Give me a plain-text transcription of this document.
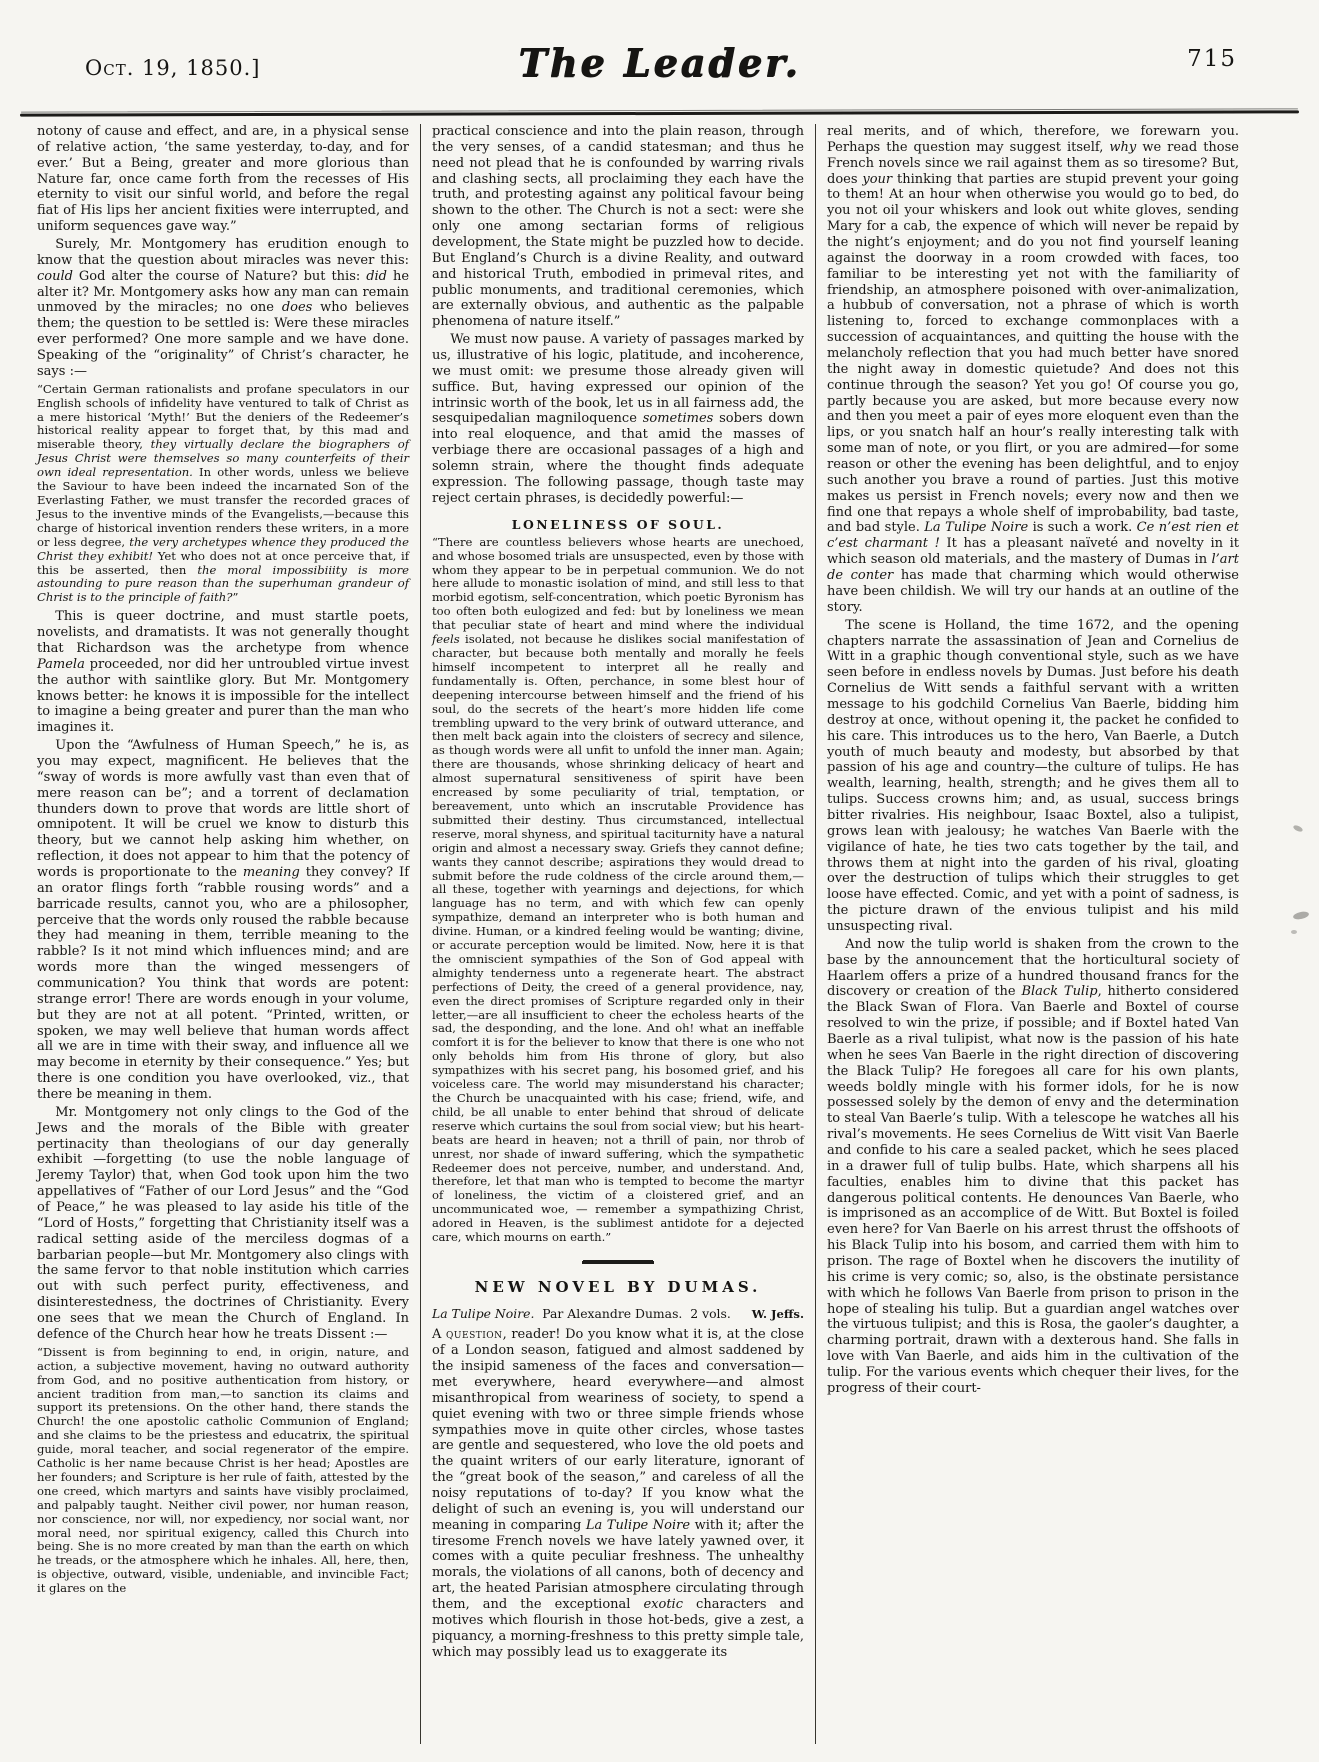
Oct. 19, 1850.]	The Leader.	715

notony of cause and effect, and are, in a physical sense of relative action, ‘the same yesterday, to-day, and for ever.’ But a Being, greater and more glorious than Nature far, once came forth from the recesses of His eternity to visit our sinful world, and before the regal fiat of His lips her ancient fixities were interrupted, and uniform sequences gave way.”

Surely, Mr. Montgomery has erudition enough to know that the question about miracles was never this: could God alter the course of Nature? but this: did he alter it? Mr. Montgomery asks how any man can remain unmoved by the miracles; no one does who believes them; the question to be settled is: Were these miracles ever performed? One more sample and we have done. Speaking of the “originality” of Christ’s character, he says :—

“Certain German rationalists and profane speculators in our English schools of infidelity have ventured to talk of Christ as a mere historical ‘Myth!’ But the deniers of the Redeemer’s historical reality appear to forget that, by this mad and miserable theory, they virtually declare the biographers of Jesus Christ were themselves so many counterfeits of their own ideal representation. In other words, unless we believe the Saviour to have been indeed the incarnated Son of the Everlasting Father, we must transfer the recorded graces of Jesus to the inventive minds of the Evangelists,—because this charge of historical invention renders these writers, in a more or less degree, the very archetypes whence they produced the Christ they exhibit! Yet who does not at once perceive that, if this be asserted, then the moral impossibiiity is more astounding to pure reason than the superhuman grandeur of Christ is to the principle of faith?”

This is queer doctrine, and must startle poets, novelists, and dramatists. It was not generally thought that Richardson was the archetype from whence Pamela proceeded, nor did her untroubled virtue invest the author with saintlike glory. But Mr. Montgomery knows better: he knows it is impossible for the intellect to imagine a being greater and purer than the man who imagines it.

Upon the “Awfulness of Human Speech,” he is, as you may expect, magnificent. He believes that the “sway of words is more awfully vast than even that of mere reason can be”; and a torrent of declamation thunders down to prove that words are little short of omnipotent. It will be cruel we know to disturb this theory, but we cannot help asking him whether, on reflection, it does not appear to him that the potency of words is proportionate to the meaning they convey? If an orator flings forth “rabble rousing words” and a barricade results, cannot you, who are a philosopher, perceive that the words only roused the rabble because they had meaning in them, terrible meaning to the rabble? Is it not mind which influences mind; and are words more than the winged messengers of communication? You think that words are potent: strange error! There are words enough in your volume, but they are not at all potent. “Printed, written, or spoken, we may well believe that human words affect all we are in time with their sway, and influence all we may become in eternity by their consequence.” Yes; but there is one condition you have overlooked, viz., that there be meaning in them.

Mr. Montgomery not only clings to the God of the Jews and the morals of the Bible with greater pertinacity than theologians of our day generally exhibit —forgetting (to use the noble language of Jeremy Taylor) that, when God took upon him the two appellatives of “Father of our Lord Jesus” and the “God of Peace,” he was pleased to lay aside his title of the “Lord of Hosts,” forgetting that Christianity itself was a radical setting aside of the merciless dogmas of a barbarian people—but Mr. Montgomery also clings with the same fervor to that noble institution which carries out with such perfect purity, effectiveness, and disinterestedness, the doctrines of Christianity. Every one sees that we mean the Church of England. In defence of the Church hear how he treats Dissent :—

“Dissent is from beginning to end, in origin, nature, and action, a subjective movement, having no outward authority from God, and no positive authentication from history, or ancient tradition from man,—to sanction its claims and support its pretensions. On the other hand, there stands the Church! the one apostolic catholic Communion of England; and she claims to be the priestess and educatrix, the spiritual guide, moral teacher, and social regenerator of the empire. Catholic is her name because Christ is her head; Apostles are her founders; and Scripture is her rule of faith, attested by the one creed, which martyrs and saints have visibly proclaimed, and palpably taught. Neither civil power, nor human reason, nor conscience, nor will, nor expediency, nor social want, nor moral need, nor spiritual exigency, called this Church into being. She is no more created by man than the earth on which he treads, or the atmosphere which he inhales. All, here, then, is objective, outward, visible, undeniable, and invincible Fact; it glares on the

practical conscience and into the plain reason, through the very senses, of a candid statesman; and thus he need not plead that he is confounded by warring rivals and clashing sects, all proclaiming they each have the truth, and protesting against any political favour being shown to the other. The Church is not a sect: were she only one among sectarian forms of religious development, the State might be puzzled how to decide. But England’s Church is a divine Reality, and outward and historical Truth, embodied in primeval rites, and public monuments, and traditional ceremonies, which are externally obvious, and authentic as the palpable phenomena of nature itself.”

We must now pause. A variety of passages marked by us, illustrative of his logic, platitude, and incoherence, we must omit: we presume those already given will suffice. But, having expressed our opinion of the intrinsic worth of the book, let us in all fairness add, the sesquipedalian magniloquence sometimes sobers down into real eloquence, and that amid the masses of verbiage there are occasional passages of a high and solemn strain, where the thought finds adequate expression. The following passage, though taste may reject certain phrases, is decidedly powerful:—

LONELINESS OF SOUL.

“There are countless believers whose hearts are unechoed, and whose bosomed trials are unsuspected, even by those with whom they appear to be in perpetual communion. We do not here allude to monastic isolation of mind, and still less to that morbid egotism, self-concentration, which poetic Byronism has too often both eulogized and fed: but by loneliness we mean that peculiar state of heart and mind where the individual feels isolated, not because he dislikes social manifestation of character, but because both mentally and morally he feels himself incompetent to interpret all he really and fundamentally is. Often, perchance, in some blest hour of deepening intercourse between himself and the friend of his soul, do the secrets of the heart’s more hidden life come trembling upward to the very brink of outward utterance, and then melt back again into the cloisters of secrecy and silence, as though words were all unfit to unfold the inner man. Again; there are thousands, whose shrinking delicacy of heart and almost supernatural sensitiveness of spirit have been encreased by some peculiarity of trial, temptation, or bereavement, unto which an inscrutable Providence has submitted their destiny. Thus circumstanced, intellectual reserve, moral shyness, and spiritual taciturnity have a natural origin and almost a necessary sway. Griefs they cannot define; wants they cannot describe; aspirations they would dread to submit before the rude coldness of the circle around them,—all these, together with yearnings and dejections, for which language has no term, and with which few can openly sympathize, demand an interpreter who is both human and divine. Human, or a kindred feeling would be wanting; divine, or accurate perception would be limited. Now, here it is that the omniscient sympathies of the Son of God appeal with almighty tenderness unto a regenerate heart. The abstract perfections of Deity, the creed of a general providence, nay, even the direct promises of Scripture regarded only in their letter,—are all insufficient to cheer the echoless hearts of the sad, the desponding, and the lone. And oh! what an ineffable comfort it is for the believer to know that there is one who not only beholds him from His throne of glory, but also sympathizes with his secret pang, his bosomed grief, and his voiceless care. The world may misunderstand his character; the Church be unacquainted with his case; friend, wife, and child, be all unable to enter behind that shroud of delicate reserve which curtains the soul from social view; but his heart-beats are heard in heaven; not a thrill of pain, nor throb of unrest, nor shade of inward suffering, which the sympathetic Redeemer does not perceive, number, and understand. And, therefore, let that man who is tempted to become the martyr of loneliness, the victim of a cloistered grief, and an uncommunicated woe, — remember a sympathizing Christ, adored in Heaven, is the sublimest antidote for a dejected care, which mourns on earth.”

NEW NOVEL BY DUMAS.
La Tulipe Noire.  Par Alexandre Dumas.  2 vols. W. Jeffs.

A question, reader! Do you know what it is, at the close of a London season, fatigued and almost saddened by the insipid sameness of the faces and conversation—met everywhere, heard everywhere—and almost misanthropical from weariness of society, to spend a quiet evening with two or three simple friends whose sympathies move in quite other circles, whose tastes are gentle and sequestered, who love the old poets and the quaint writers of our early literature, ignorant of the “great book of the season,” and careless of all the noisy reputations of to-day? If you know what the delight of such an evening is, you will understand our meaning in comparing La Tulipe Noire with it; after the tiresome French novels we have lately yawned over, it comes with a quite peculiar freshness. The unhealthy morals, the violations of all canons, both of decency and art, the heated Parisian atmosphere circulating through them, and the exceptional exotic characters and motives which flourish in those hot-beds, give a zest, a piquancy, a morning-freshness to this pretty simple tale, which may possibly lead us to exaggerate its

real merits, and of which, therefore, we forewarn you. Perhaps the question may suggest itself, why we read those French novels since we rail against them as so tiresome? But, does your thinking that parties are stupid prevent your going to them! At an hour when otherwise you would go to bed, do you not oil your whiskers and look out white gloves, sending Mary for a cab, the expence of which will never be repaid by the night’s enjoyment; and do you not find yourself leaning against the doorway in a room crowded with faces, too familiar to be interesting yet not with the familiarity of friendship, an atmosphere poisoned with over-animalization, a hubbub of conversation, not a phrase of which is worth listening to, forced to exchange commonplaces with a succession of acquaintances, and quitting the house with the melancholy reflection that you had much better have snored the night away in domestic quietude? And does not this continue through the season? Yet you go! Of course you go, partly because you are asked, but more because every now and then you meet a pair of eyes more eloquent even than the lips, or you snatch half an hour’s really interesting talk with some man of note, or you flirt, or you are admired—for some reason or other the evening has been delightful, and to enjoy such another you brave a round of parties. Just this motive makes us persist in French novels; every now and then we find one that repays a whole shelf of improbability, bad taste, and bad style. La Tulipe Noire is such a work. Ce n’est rien et c’est charmant ! It has a pleasant naïveté and novelty in it which season old materials, and the mastery of Dumas in l’art de conter has made that charming which would otherwise have been childish. We will try our hands at an outline of the story.

The scene is Holland, the time 1672, and the opening chapters narrate the assassination of Jean and Cornelius de Witt in a graphic though conventional style, such as we have seen before in endless novels by Dumas. Just before his death Cornelius de Witt sends a faithful servant with a written message to his godchild Cornelius Van Baerle, bidding him destroy at once, without opening it, the packet he confided to his care. This introduces us to the hero, Van Baerle, a Dutch youth of much beauty and modesty, but absorbed by that passion of his age and country—the culture of tulips. He has wealth, learning, health, strength; and he gives them all to tulips. Success crowns him; and, as usual, success brings bitter rivalries. His neighbour, Isaac Boxtel, also a tulipist, grows lean with jealousy; he watches Van Baerle with the vigilance of hate, he ties two cats together by the tail, and throws them at night into the garden of his rival, gloating over the destruction of tulips which their struggles to get loose have effected. Comic, and yet with a point of sadness, is the picture drawn of the envious tulipist and his mild unsuspecting rival.

And now the tulip world is shaken from the crown to the base by the announcement that the horticultural society of Haarlem offers a prize of a hundred thousand francs for the discovery or creation of the Black Tulip, hitherto considered the Black Swan of Flora. Van Baerle and Boxtel of course resolved to win the prize, if possible; and if Boxtel hated Van Baerle as a rival tulipist, what now is the passion of his hate when he sees Van Baerle in the right direction of discovering the Black Tulip? He foregoes all care for his own plants, weeds boldly mingle with his former idols, for he is now possessed solely by the demon of envy and the determination to steal Van Baerle’s tulip. With a telescope he watches all his rival’s movements. He sees Cornelius de Witt visit Van Baerle and confide to his care a sealed packet, which he sees placed in a drawer full of tulip bulbs. Hate, which sharpens all his faculties, enables him to divine that this packet has dangerous political contents. He denounces Van Baerle, who is imprisoned as an accomplice of de Witt. But Boxtel is foiled even here? for Van Baerle on his arrest thrust the offshoots of his Black Tulip into his bosom, and carried them with him to prison. The rage of Boxtel when he discovers the inutility of his crime is very comic; so, also, is the obstinate persistance with which he follows Van Baerle from prison to prison in the hope of stealing his tulip. But a guardian angel watches over the virtuous tulipist; and this is Rosa, the gaoler’s daughter, a charming portrait, drawn with a dexterous hand. She falls in love with Van Baerle, and aids him in the cultivation of the tulip. For the various events which chequer their lives, for the progress of their court-
